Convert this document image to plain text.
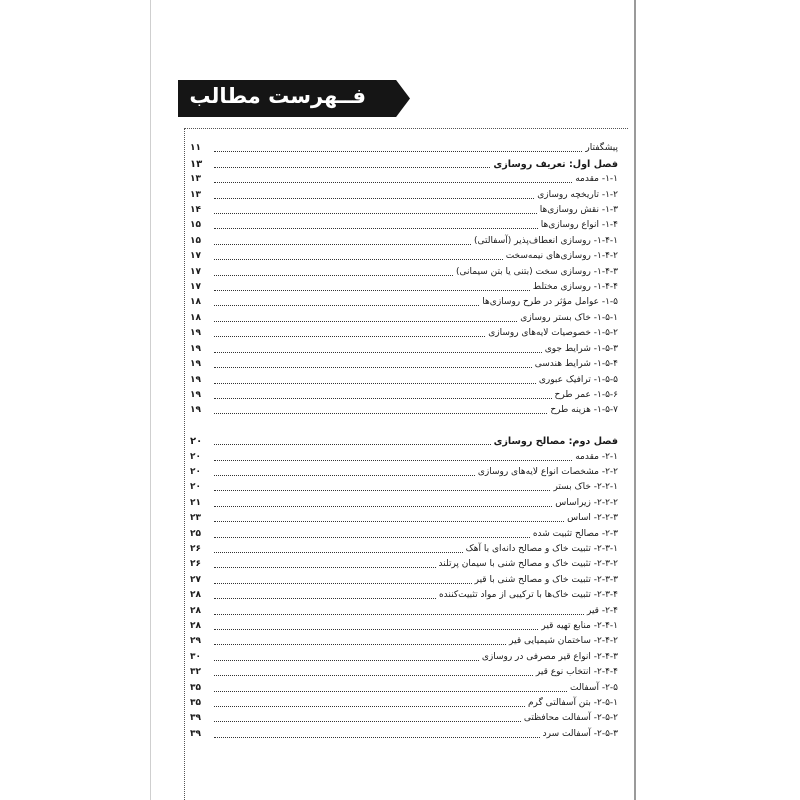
فــهرست مطالب
پیشگفتار
۱۱
فصل اول: تعریف روسازی
۱۳
۱-۱- مقدمه
۱۳
۱-۲- تاریخچه روسازی
۱۳
۱-۳- نقش روسازی‌ها
۱۴
۱-۴- انواع روسازی‌ها
۱۵
۱-۴-۱- روسازی انعطاف‌پذیر (آسفالتی)
۱۵
۱-۴-۲- روسازی‌های نیمه‌سخت
۱۷
۱-۴-۳- روسازی سخت (بتنی یا بتن سیمانی)
۱۷
۱-۴-۴- روسازی مختلط
۱۷
۱-۵- عوامل مؤثر در طرح روسازی‌ها
۱۸
۱-۵-۱- خاک بستر روسازی
۱۸
۱-۵-۲- خصوصیات لایه‌های روسازی
۱۹
۱-۵-۳- شرایط جوی
۱۹
۱-۵-۴- شرایط هندسی
۱۹
۱-۵-۵- ترافیک عبوری
۱۹
۱-۵-۶- عمر طرح
۱۹
۱-۵-۷- هزینه طرح
۱۹
فصل دوم: مصالح روسازی
۲۰
۲-۱- مقدمه
۲۰
۲-۲- مشخصات انواع لایه‌های روسازی
۲۰
۲-۲-۱- خاک بستر
۲۰
۲-۲-۲- زیراساس
۲۱
۲-۲-۳- اساس
۲۳
۲-۳- مصالح تثبیت شده
۲۵
۲-۳-۱- تثبیت خاک و مصالح دانه‌ای با آهک
۲۶
۲-۳-۲- تثبیت خاک و مصالح شنی با سیمان پرتلند
۲۶
۲-۳-۳- تثبیت خاک و مصالح شنی با قیر
۲۷
۲-۳-۴- تثبیت خاک‌ها با ترکیبی از مواد تثبیت‌کننده
۲۸
۲-۴- قیر
۲۸
۲-۴-۱- منابع تهیه قیر
۲۸
۲-۴-۲- ساختمان شیمیایی قیر
۲۹
۲-۴-۳- انواع قیر مصرفی در روسازی
۳۰
۲-۴-۴- انتخاب نوع قیر
۳۲
۲-۵- آسفالت
۳۵
۲-۵-۱- بتن آسفالتی گرم
۳۵
۲-۵-۲- آسفالت محافظتی
۳۹
۲-۵-۳- آسفالت سرد
۳۹
